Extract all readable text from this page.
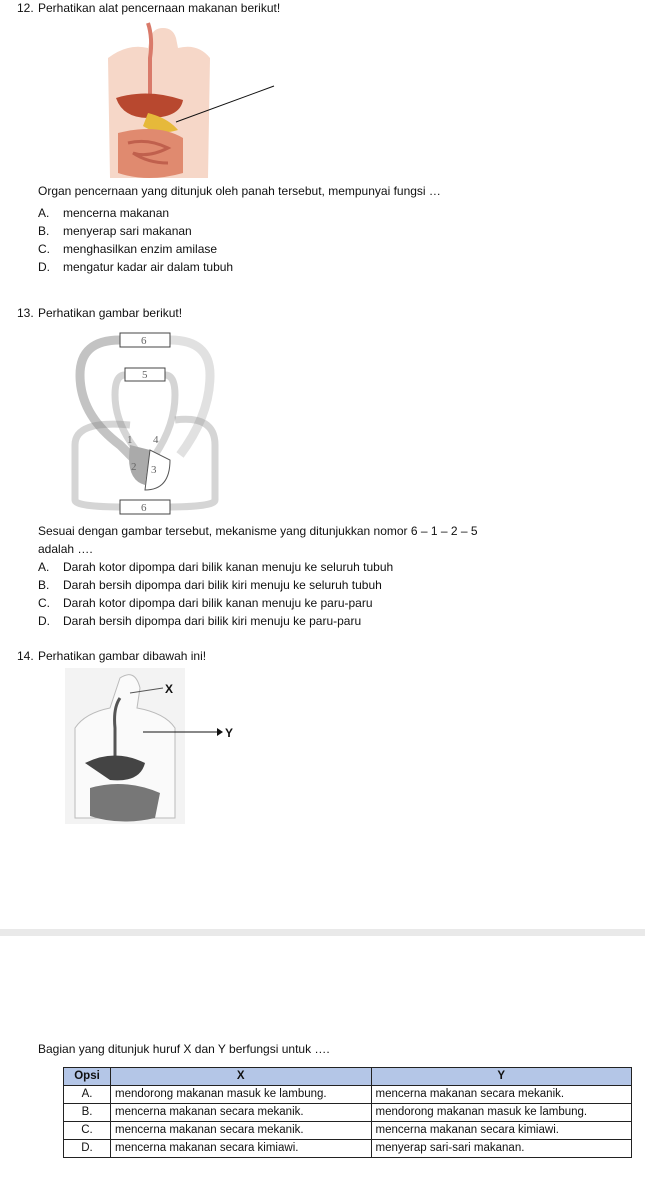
12. Perhatikan alat pencernaan makanan berikut!
Organ pencernaan yang ditunjuk oleh panah tersebut, mempunyai fungsi …
A. mencerna makanan
B. menyerap sari makanan
C. menghasilkan enzim amilase
D. mengatur kadar air dalam tubuh
13. Perhatikan gambar berikut!
6
5
1 4
2 3
6
Sesuai dengan gambar tersebut, mekanisme yang ditunjukkan nomor 6 – 1 – 2 – 5
adalah ….
A. Darah kotor dipompa dari bilik kanan menuju ke seluruh tubuh
B. Darah bersih dipompa dari bilik kiri menuju ke seluruh tubuh
C. Darah kotor dipompa dari bilik kanan menuju ke paru-paru
D. Darah bersih dipompa dari bilik kiri menuju ke paru-paru
14. Perhatikan gambar dibawah ini!
X
Y
Bagian yang ditunjuk huruf X dan Y berfungsi untuk ….
Opsi	X	Y
A.	mendorong makanan masuk ke lambung.	mencerna makanan secara mekanik.
B.	mencerna makanan secara mekanik.	mendorong makanan masuk ke lambung.
C.	mencerna makanan secara mekanik.	mencerna makanan secara kimiawi.
D.	mencerna makanan secara kimiawi.	menyerap sari-sari makanan.
